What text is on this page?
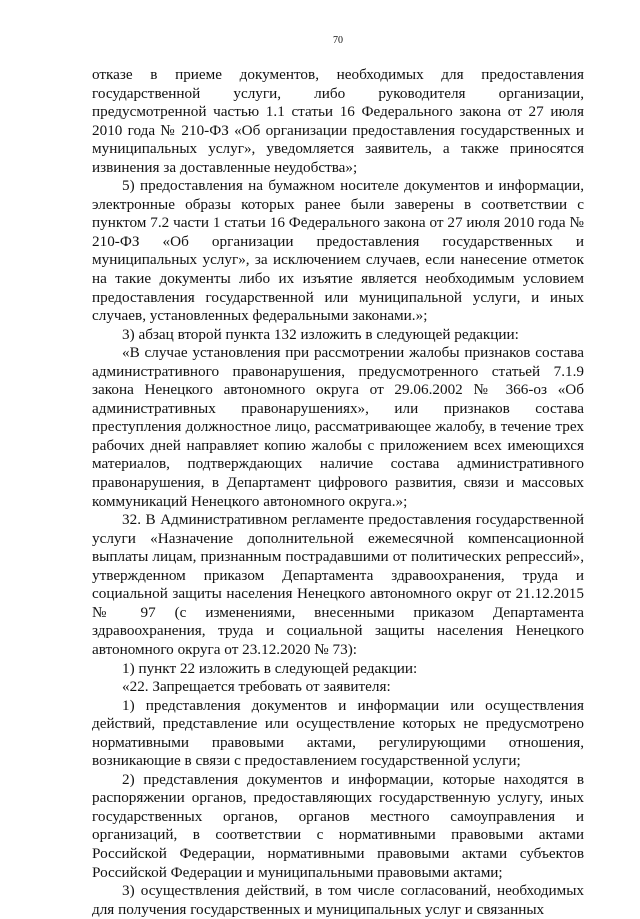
70

отказе в приеме документов, необходимых для предоставления государственной услуги, либо руководителя организации, предусмотренной частью 1.1 статьи 16 Федерального закона от 27 июля 2010 года № 210-ФЗ «Об организации предоставления государственных и муниципальных услуг», уведомляется заявитель, а также приносятся извинения за доставленные неудобства»;

5) предоставления на бумажном носителе документов и информации, электронные образы которых ранее были заверены в соответствии с пунктом 7.2 части 1 статьи 16 Федерального закона от 27 июля 2010 года № 210-ФЗ «Об организации предоставления государственных и муниципальных услуг», за исключением случаев, если нанесение отметок на такие документы либо их изъятие является необходимым условием предоставления государственной или муниципальной услуги, и иных случаев, установленных федеральными законами.»;

3) абзац второй пункта 132 изложить в следующей редакции:

«В случае установления при рассмотрении жалобы признаков состава административного правонарушения, предусмотренного статьей 7.1.9 закона Ненецкого автономного округа от 29.06.2002 № 366-оз «Об административных правонарушениях», или признаков состава преступления должностное лицо, рассматривающее жалобу, в течение трех рабочих дней направляет копию жалобы с приложением всех имеющихся материалов, подтверждающих наличие состава административного правонарушения, в Департамент цифрового развития, связи и массовых коммуникаций Ненецкого автономного округа.»;

32. В Административном регламенте предоставления государственной услуги «Назначение дополнительной ежемесячной компенсационной выплаты лицам, признанным пострадавшими от политических репрессий», утвержденном приказом Департамента здравоохранения, труда и социальной защиты населения Ненецкого автономного округ от 21.12.2015 № 97 (с изменениями, внесенными приказом Департамента здравоохранения, труда и социальной защиты населения Ненецкого автономного округа от 23.12.2020 № 73):

1) пункт 22 изложить в следующей редакции:

«22. Запрещается требовать от заявителя:

1) представления документов и информации или осуществления действий, представление или осуществление которых не предусмотрено нормативными правовыми актами, регулирующими отношения, возникающие в связи с предоставлением государственной услуги;

2) представления документов и информации, которые находятся в распоряжении органов, предоставляющих государственную услугу, иных государственных органов, органов местного самоуправления и организаций, в соответствии с нормативными правовыми актами Российской Федерации, нормативными правовыми актами субъектов Российской Федерации и муниципальными правовыми актами;

3) осуществления действий, в том числе согласований, необходимых для получения государственных и муниципальных услуг и связанных
